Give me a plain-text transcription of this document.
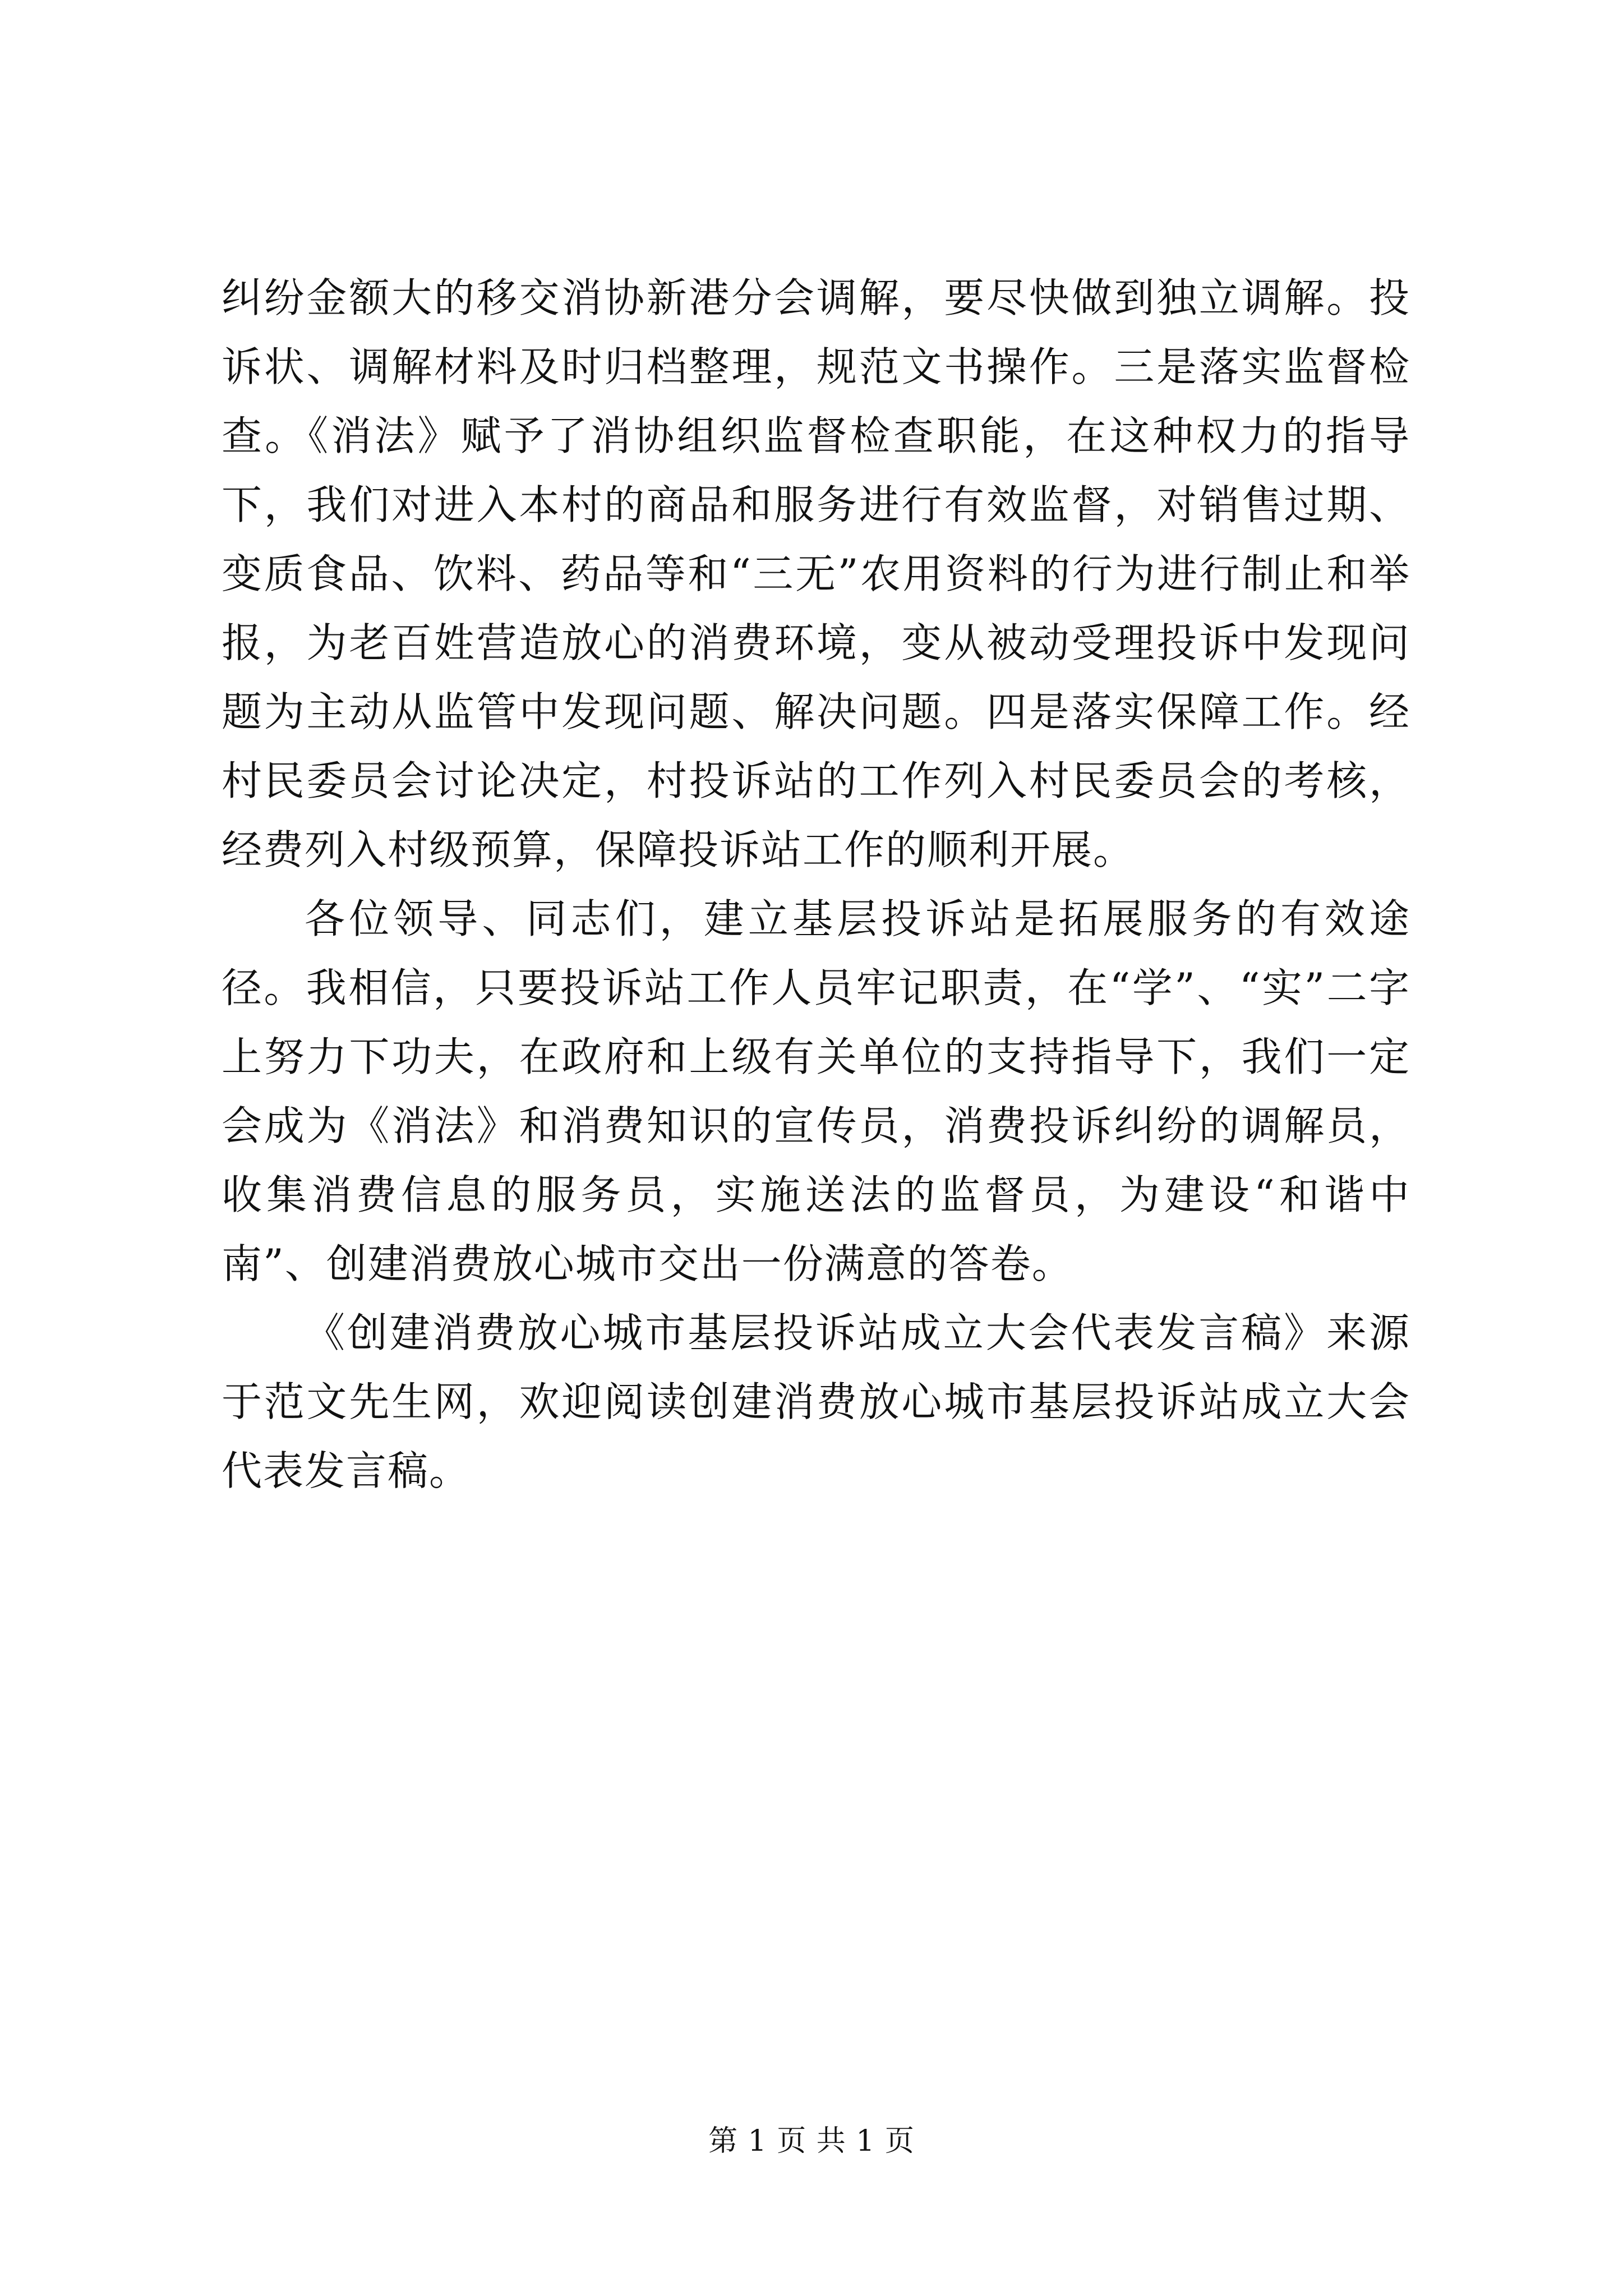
纠纷金额大的移交消协新港分会调解，要尽快做到独立调解。投诉状、调解材料及时归档整理，规范文书操作。三是落实监督检查。《消法》赋予了消协组织监督检查职能，在这种权力的指导下，我们对进入本村的商品和服务进行有效监督，对销售过期、变质食品、饮料、药品等和“三无”农用资料的行为进行制止和举报，为老百姓营造放心的消费环境，变从被动受理投诉中发现问题为主动从监管中发现问题、解决问题。四是落实保障工作。经村民委员会讨论决定，村投诉站的工作列入村民委员会的考核，经费列入村级预算，保障投诉站工作的顺利开展。

各位领导、同志们，建立基层投诉站是拓展服务的有效途径。我相信，只要投诉站工作人员牢记职责，在“学”、“实”二字上努力下功夫，在政府和上级有关单位的支持指导下，我们一定会成为《消法》和消费知识的宣传员，消费投诉纠纷的调解员，收集消费信息的服务员，实施送法的监督员，为建设“和谐中南”、创建消费放心城市交出一份满意的答卷。

《创建消费放心城市基层投诉站成立大会代表发言稿》来源于范文先生网，欢迎阅读创建消费放心城市基层投诉站成立大会代表发言稿。

第 1 页 共 1 页
